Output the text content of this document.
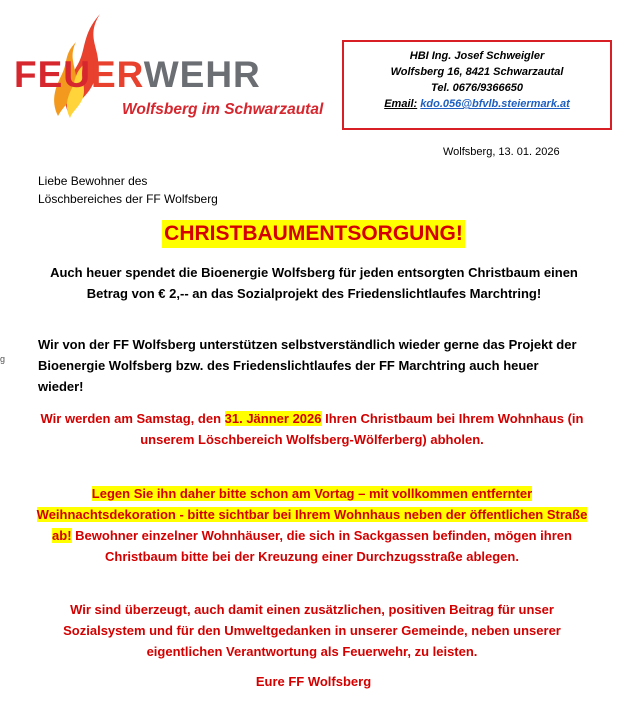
FEUERWEHR
Wolfsberg im Schwarzautal
HBI Ing. Josef Schweigler
Wolfsberg 16, 8421 Schwarzautal
Tel. 0676/9366650
Email: kdo.056@bfvlb.steiermark.at
Wolfsberg, 13. 01. 2026
Liebe Bewohner des
Löschbereiches der FF Wolfsberg
CHRISTBAUMENTSORGUNG!
Auch heuer spendet die Bioenergie Wolfsberg für jeden entsorgten Christbaum einen Betrag von € 2,-- an das Sozialprojekt des Friedenslichtlaufes Marchtring!
Wir von der FF Wolfsberg unterstützen selbstverständlich wieder gerne das Projekt der Bioenergie Wolfsberg bzw. des Friedenslichtlaufes der FF Marchtring auch heuer wieder!
Wir werden am Samstag, den 31. Jänner 2026 Ihren Christbaum bei Ihrem Wohnhaus (in unserem Löschbereich Wolfsberg-Wölferberg) abholen.
Legen Sie ihn daher bitte schon am Vortag – mit vollkommen entfernter Weihnachtsdekoration - bitte sichtbar bei Ihrem Wohnhaus neben der öffentlichen Straße ab! Bewohner einzelner Wohnhäuser, die sich in Sackgassen befinden, mögen ihren Christbaum bitte bei der Kreuzung einer Durchzugsstraße ablegen.
Wir sind überzeugt, auch damit einen zusätzlichen, positiven Beitrag für unser Sozialsystem und für den Umweltgedanken in unserer Gemeinde, neben unserer eigentlichen Verantwortung als Feuerwehr, zu leisten.
Eure FF Wolfsberg
g
